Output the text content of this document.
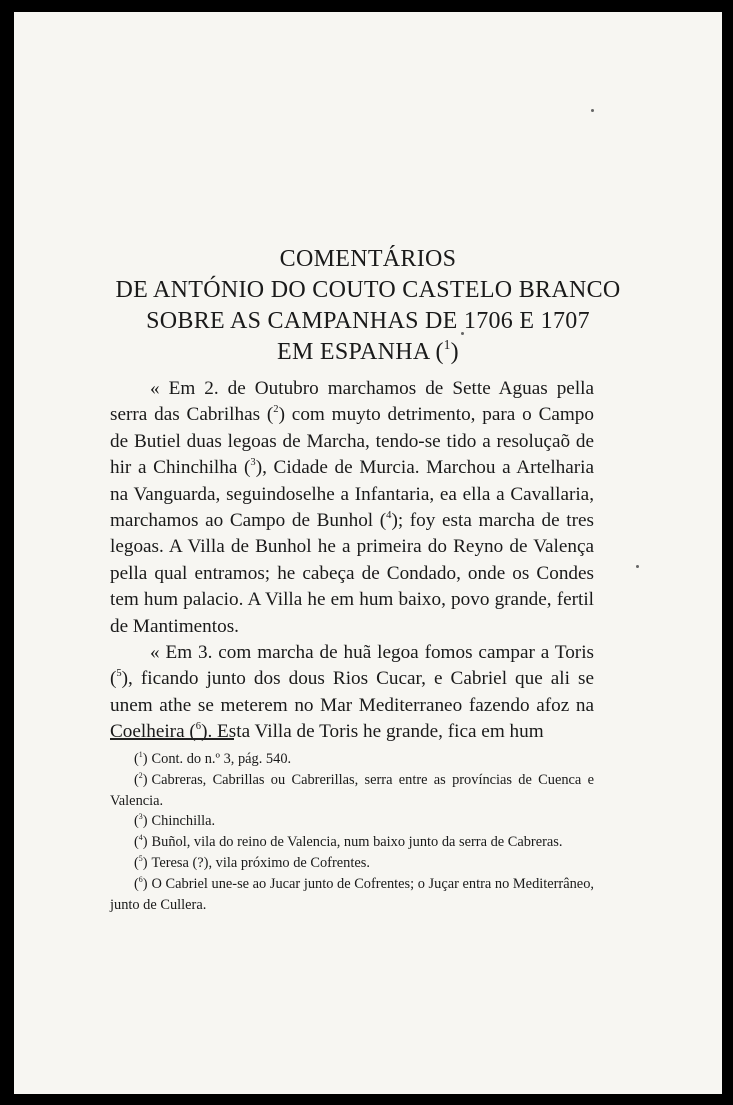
COMENTÁRIOS
DE ANTÓNIO DO COUTO CASTELO BRANCO
SOBRE AS CAMPANHAS DE 1706 E 1707
EM ESPANHA ($^1$)

« Em 2. de Outubro marchamos de Sette Aguas pella serra das Cabrilhas ($^2$) com muyto detrimento, para o Campo de Butiel duas legoas de Marcha, tendo-se tido a resoluçaõ de hir a Chinchilha ($^3$), Cidade de Murcia. Marchou a Artelharia na Vanguarda, seguindoselhe a Infantaria, ea ella a Cavallaria, marchamos ao Campo de Bunhol ($^4$); foy esta marcha de tres legoas. A Villa de Bunhol he a primeira do Reyno de Valença pella qual entramos; he cabeça de Condado, onde os Condes tem hum palacio. A Villa he em hum baixo, povo grande, fertil de Mantimentos.

« Em 3. com marcha de huã legoa fomos campar a Toris ($^5$), ficando junto dos dous Rios Cucar, e Cabriel que ali se unem athe se meterem no Mar Mediterraneo fazendo afoz na Coelheira ($^6$). Esta Villa de Toris he grande, fica em hum

($^1$) Cont. do n.º 3, pág. 540.

($^2$) Cabreras, Cabrillas ou Cabrerillas, serra entre as províncias de Cuenca e Valencia.

($^3$) Chinchilla.

($^4$) Buñol, vila do reino de Valencia, num baixo junto da serra de Cabreras.

($^5$) Teresa (?), vila próximo de Cofrentes.

($^6$) O Cabriel une-se ao Jucar junto de Cofrentes; o Juçar entra no Mediterrâneo, junto de Cullera.
